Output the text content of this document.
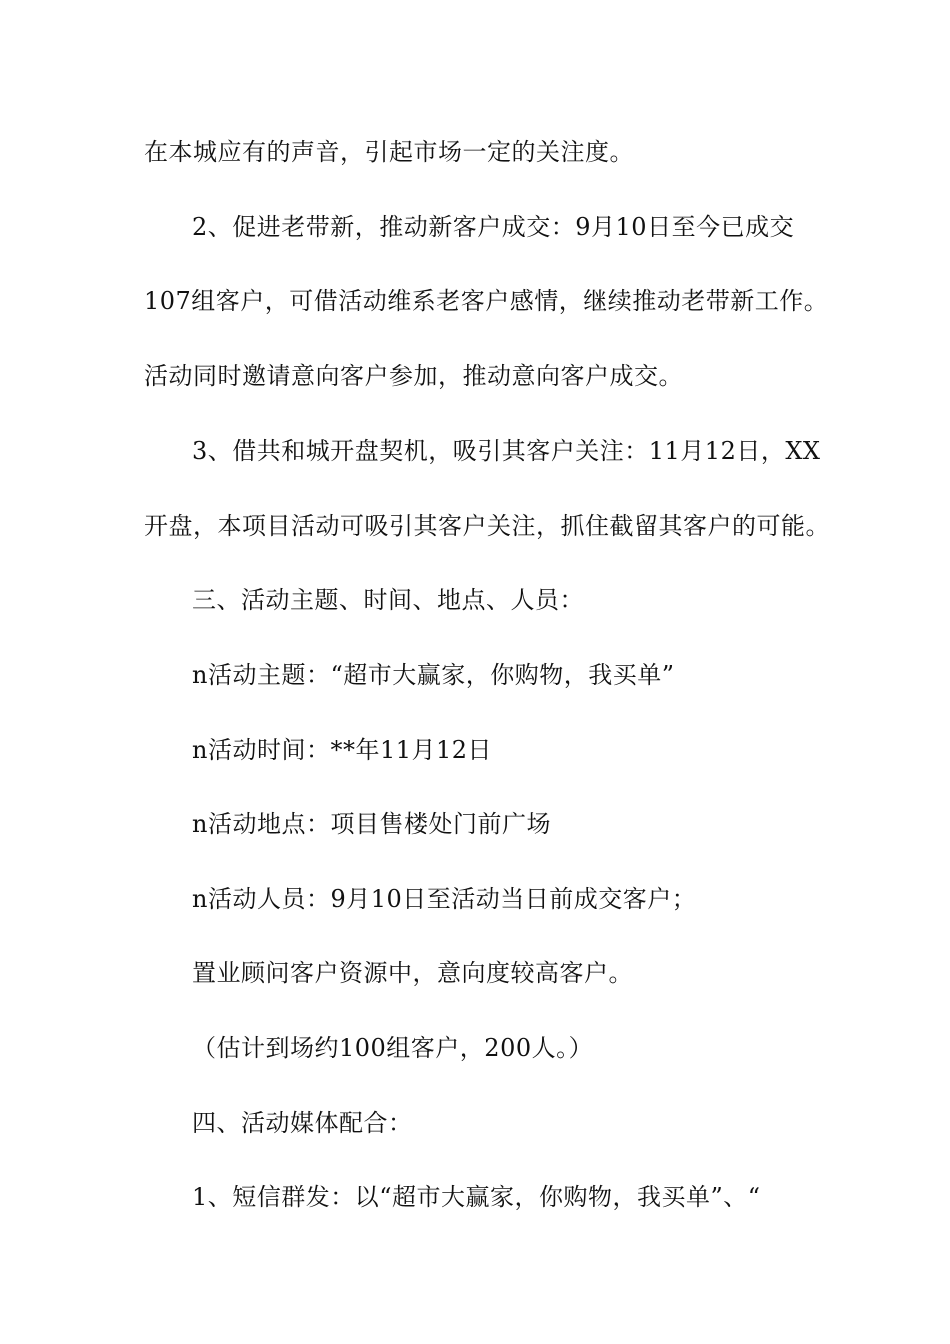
在本城应有的声音，引起市场一定的关注度。
2、促进老带新，推动新客户成交：9月10日至今已成交
107组客户，可借活动维系老客户感情，继续推动老带新工作。
活动同时邀请意向客户参加，推动意向客户成交。
3、借共和城开盘契机，吸引其客户关注：11月12日，XX
开盘，本项目活动可吸引其客户关注，抓住截留其客户的可能。
三、活动主题、时间、地点、人员：
n活动主题：“超市大赢家，你购物，我买单”
n活动时间：**年11月12日
n活动地点：项目售楼处门前广场
n活动人员：9月10日至活动当日前成交客户；
置业顾问客户资源中，意向度较高客户。
（估计到场约100组客户，200人。）
四、活动媒体配合：
1、短信群发：以“超市大赢家，你购物，我买单”、“
